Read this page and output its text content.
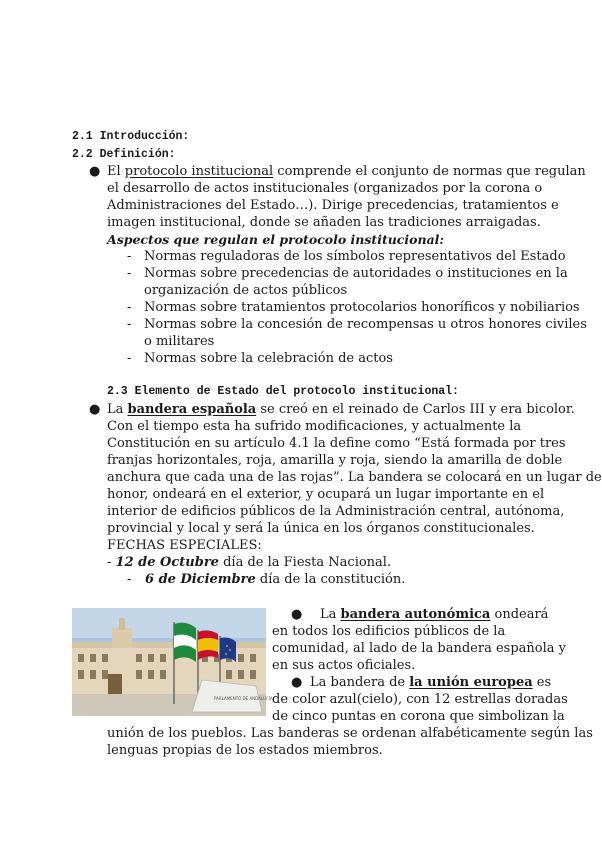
2.1 Introducción:
2.2 Definición:
● El protocolo institucional comprende el conjunto de normas que regulan
el desarrollo de actos institucionales (organizados por la corona o
Administraciones del Estado…). Dirige precedencias, tratamientos e
imagen institucional, donde se añaden las tradiciones arraigadas.
Aspectos que regulan el protocolo institucional:
- Normas reguladoras de los símbolos representativos del Estado
- Normas sobre precedencias de autoridades o instituciones en la
organización de actos públicos
- Normas sobre tratamientos protocolarios honoríficos y nobiliarios
- Normas sobre la concesión de recompensas u otros honores civiles
o militares
- Normas sobre la celebración de actos
2.3 Elemento de Estado del protocolo institucional:
● La bandera española se creó en el reinado de Carlos III y era bicolor.
Con el tiempo esta ha sufrido modificaciones, y actualmente la
Constitución en su artículo 4.1 la define como “Está formada por tres
franjas horizontales, roja, amarilla y roja, siendo la amarilla de doble
anchura que cada una de las rojas”. La bandera se colocará en un lugar de
honor, ondeará en el exterior, y ocupará un lugar importante en el
interior de edificios públicos de la Administración central, autónoma,
provincial y local y será la única en los órganos constitucionales.
FECHAS ESPECIALES:
- 12 de Octubre día de la Fiesta Nacional.
- 6 de Diciembre día de la constitución.
PARLAMENTO DE ANDALUCÍA
● La bandera autonómica ondeará
en todos los edificios públicos de la
comunidad, al lado de la bandera española y
en sus actos oficiales.
● La bandera de la unión europea es
de color azul(cielo), con 12 estrellas doradas
de cinco puntas en corona que simbolizan la
unión de los pueblos. Las banderas se ordenan alfabéticamente según las
lenguas propias de los estados miembros.
